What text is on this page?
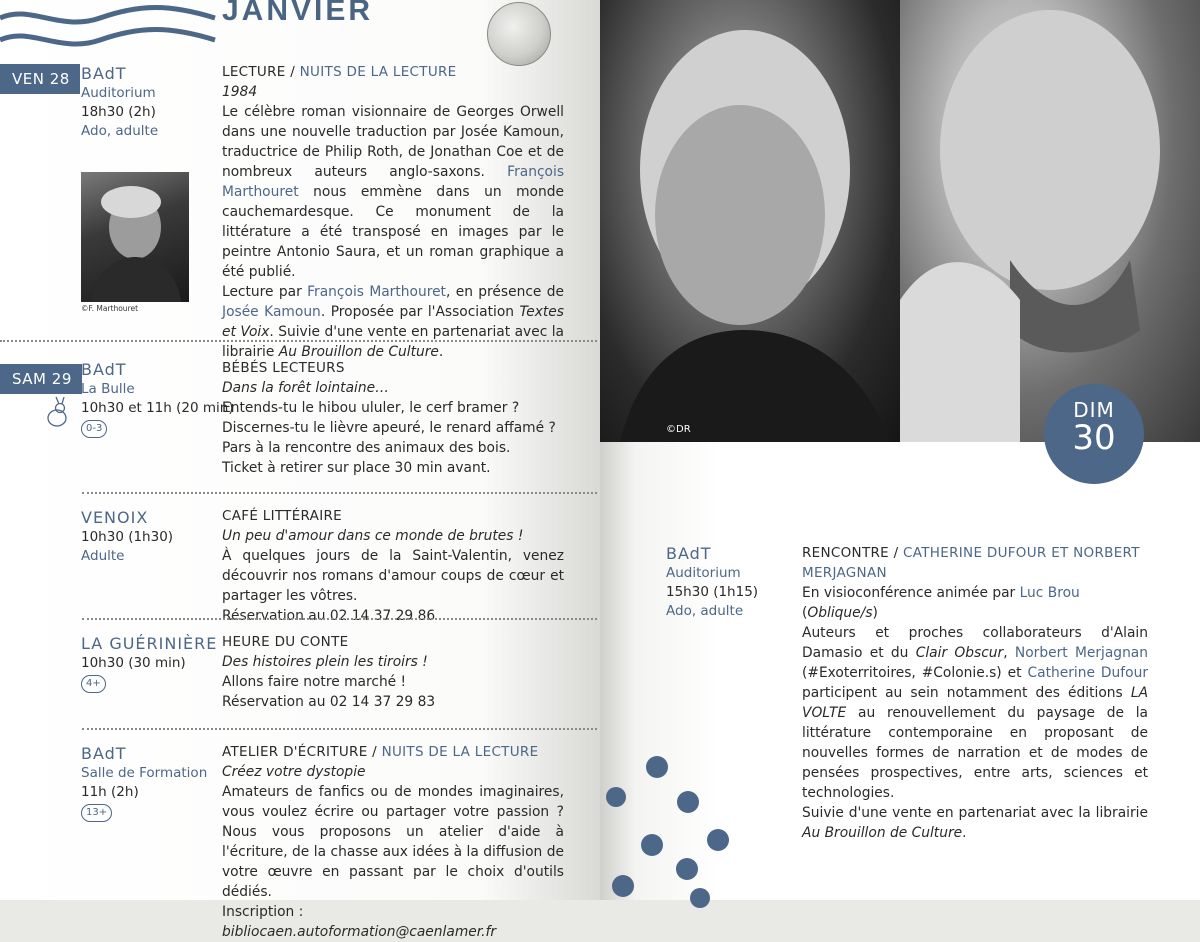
JANVIER
VEN 28 BAdT
Auditorium
18h30 (2h)
Ado, adulte
©F. Marthouret
LECTURE / NUITS DE LA LECTURE
1984

Le célèbre roman visionnaire de Georges Orwell dans une nouvelle traduction par Josée Kamoun, traductrice de Philip Roth, de Jonathan Coe et de nombreux auteurs anglo-saxons. François Marthouret nous emmène dans un monde cauchemardesque. Ce monument de la littérature a été transposé en images par le peintre Antonio Saura, et un roman graphique a été publié.
Lecture par François Marthouret, en présence de Josée Kamoun. Proposée par l'Association Textes et Voix. Suivie d'une vente en partenariat avec la librairie Au Brouillon de Culture.

SAM 29 BAdT
La Bulle
10h30 et 11h (20 min)
0-3
BÉBÉS LECTEURS
Dans la forêt lointaine…
Entends-tu le hibou ululer, le cerf bramer ?
Discernes-tu le lièvre apeuré, le renard affamé ?
Pars à la rencontre des animaux des bois.
Ticket à retirer sur place 30 min avant.
VENOIX
10h30 (1h30)
Adulte
CAFÉ LITTÉRAIRE
Un peu d'amour dans ce monde de brutes !

À quelques jours de la Saint-Valentin, venez découvrir nos romans d'amour coups de cœur et partager les vôtres.

Réservation au 02 14 37 29 86
LA GUÉRINIÈRE
10h30 (30 min)
4+
HEURE DU CONTE
Des histoires plein les tiroirs !
Allons faire notre marché !
Réservation au 02 14 37 29 83
BAdT
Salle de Formation
11h (2h)
13+
ATELIER D'ÉCRITURE / NUITS DE LA LECTURE
Créez votre dystopie

Amateurs de fanfics ou de mondes imaginaires, vous voulez écrire ou partager votre passion ? Nous vous proposons un atelier d'aide à l'écriture, de la chasse aux idées à la diffusion de votre œuvre en passant par le choix d'outils dédiés.

Inscription : bibliocaen.autoformation@caenlamer.fr
©DR
DIM
30
BAdT
Auditorium
15h30 (1h15)
Ado, adulte
RENCONTRE / CATHERINE DUFOUR ET NORBERT MERJAGNAN
En visioconférence animée par Luc Brou (Oblique/s)

Auteurs et proches collaborateurs d'Alain Damasio et du Clair Obscur, Norbert Merjagnan (#Exoterritoires, #Colonie.s) et Catherine Dufour participent au sein notamment des éditions LA VOLTE au renouvellement du paysage de la littérature contemporaine en proposant de nouvelles formes de narration et de modes de pensées prospectives, entre arts, sciences et technologies.

Suivie d'une vente en partenariat avec la librairie Au Brouillon de Culture.
